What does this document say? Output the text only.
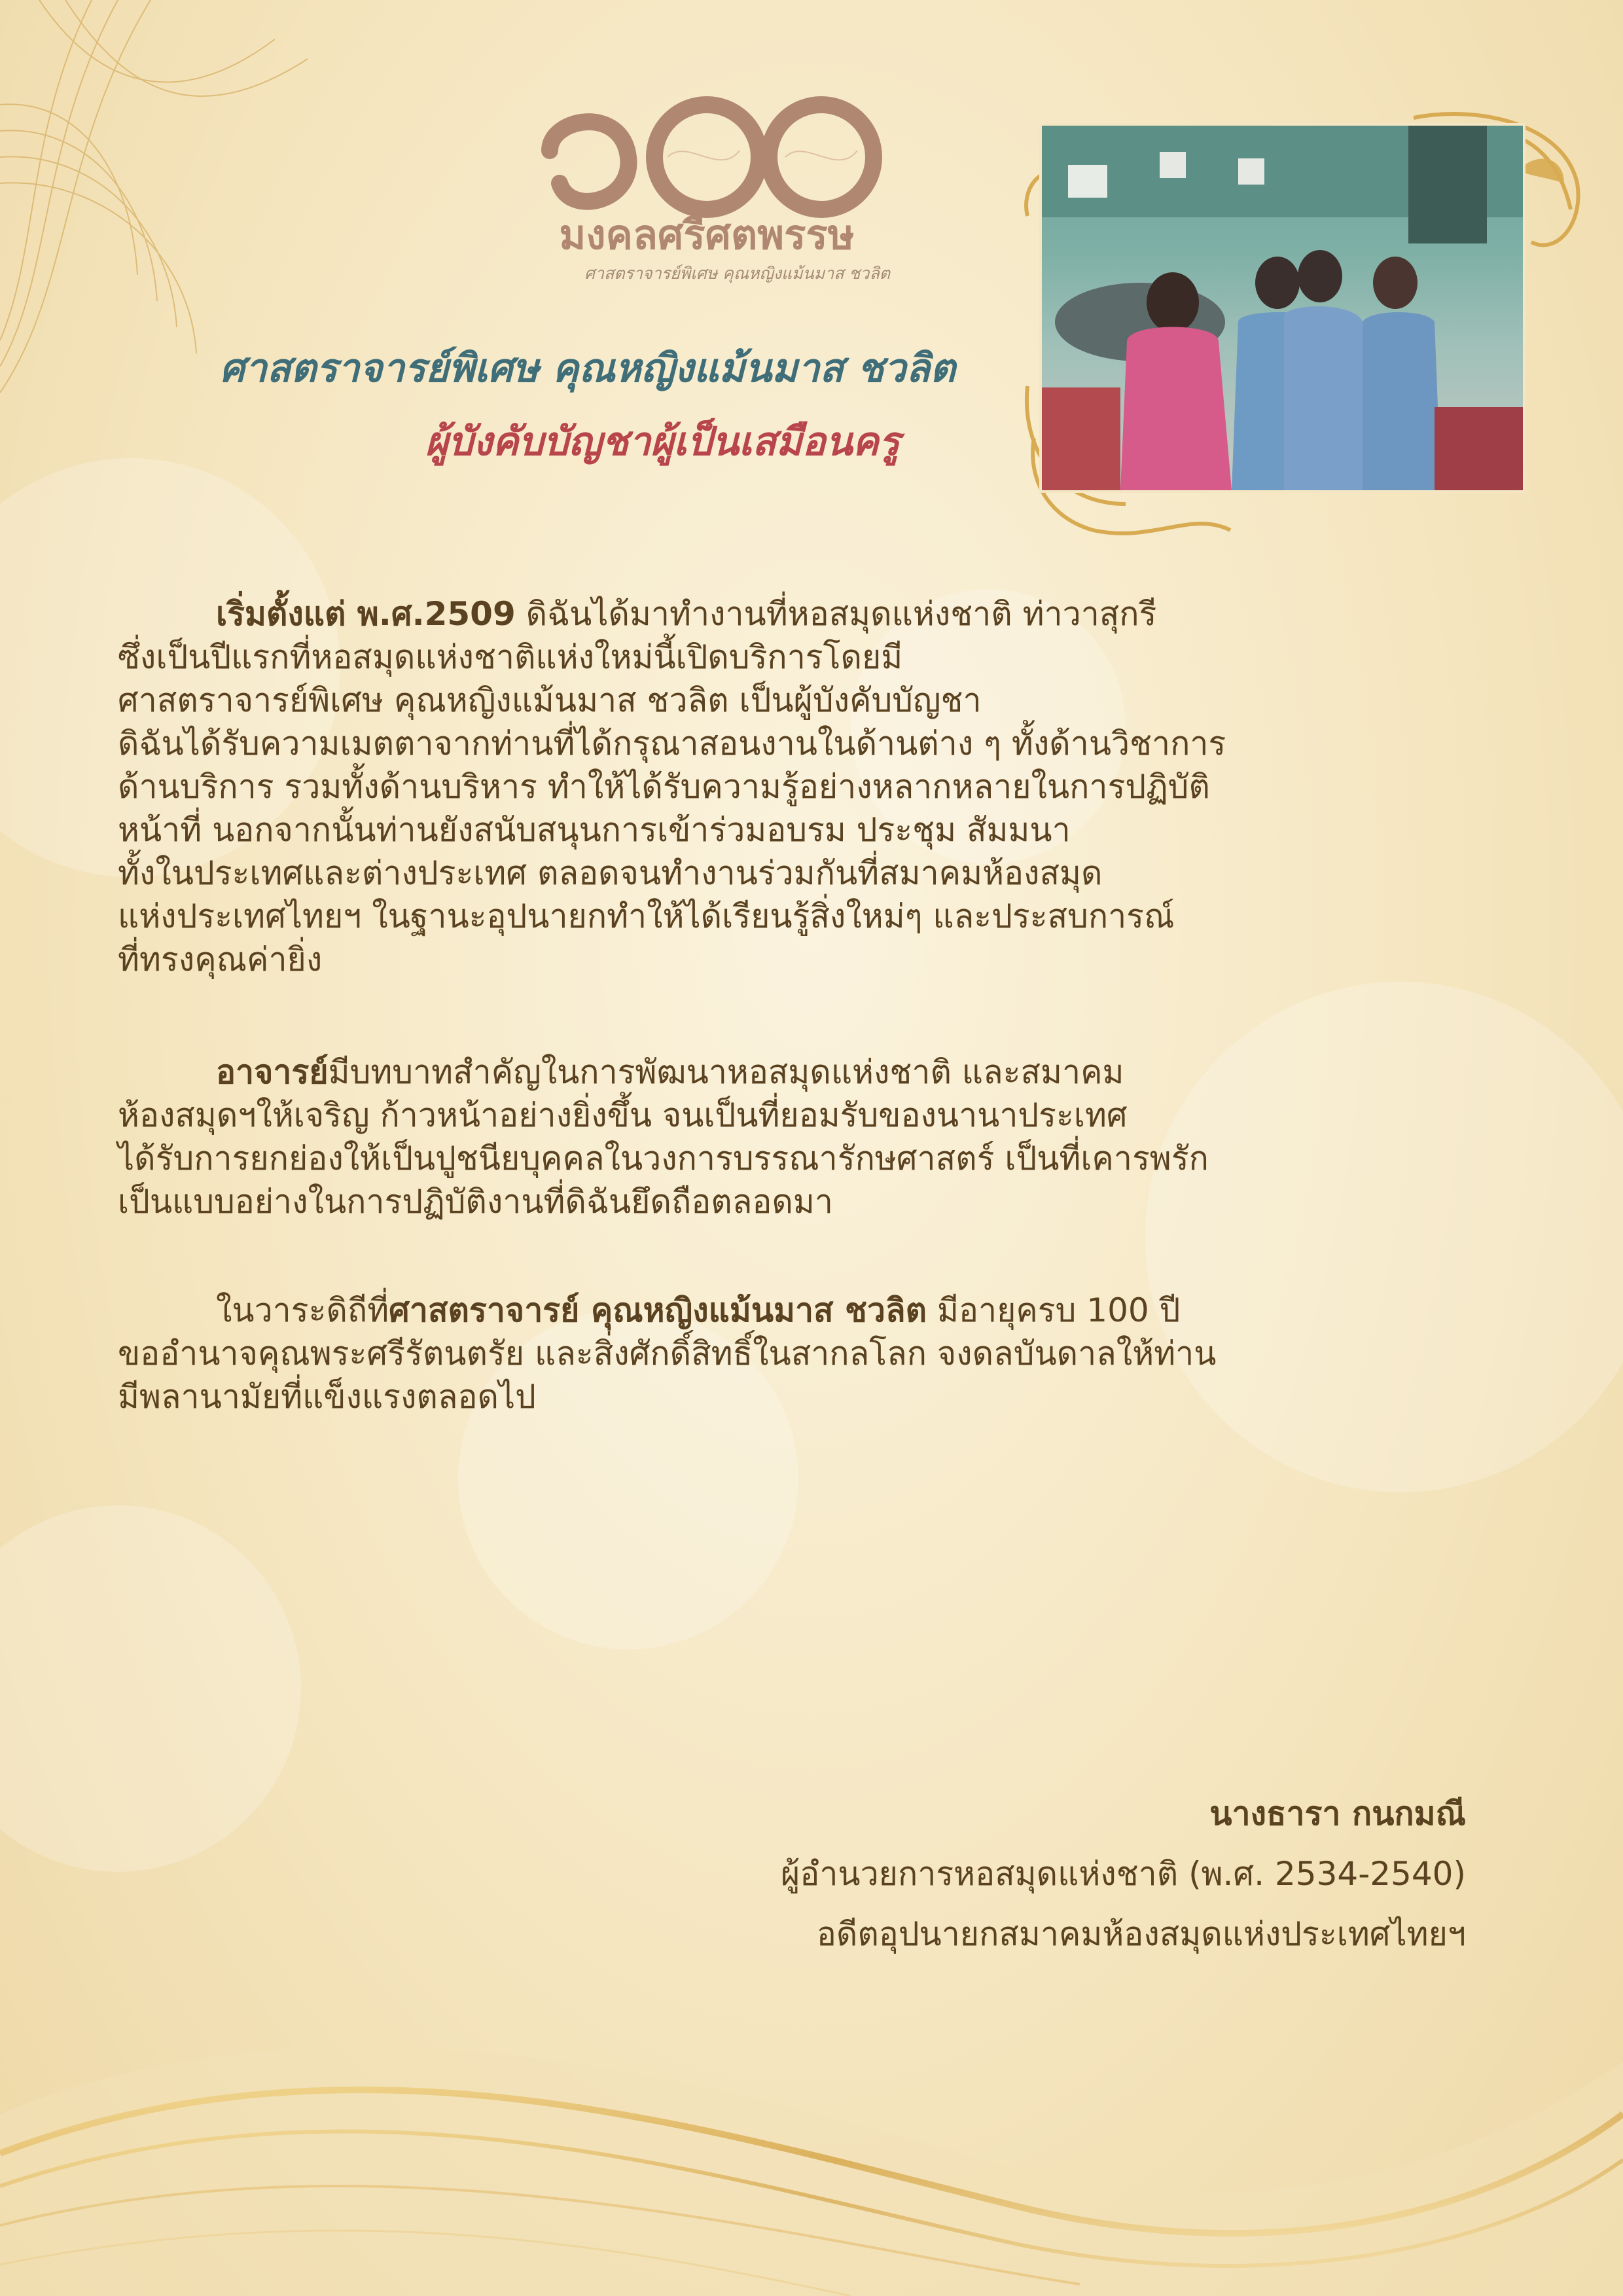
มงคลศรีศตพรรษ
ศาสตราจารย์พิเศษ คุณหญิงแม้นมาส ชวลิต
ศาสตราจารย์พิเศษ คุณหญิงแม้นมาส ชวลิต
ผู้บังคับบัญชาผู้เป็นเสมือนครู

เริ่มตั้งแต่ พ.ศ.2509 ดิฉันได้มาทำงานที่หอสมุดแห่งชาติ ท่าวาสุกรี
ซึ่งเป็นปีแรกที่หอสมุดแห่งชาติแห่งใหม่นี้เปิดบริการโดยมี
ศาสตราจารย์พิเศษ คุณหญิงแม้นมาส ชวลิต เป็นผู้บังคับบัญชา
ดิฉันได้รับความเมตตาจากท่านที่ได้กรุณาสอนงานในด้านต่าง ๆ ทั้งด้านวิชาการ
ด้านบริการ รวมทั้งด้านบริหาร ทำให้ได้รับความรู้อย่างหลากหลายในการปฏิบัติ
หน้าที่ นอกจากนั้นท่านยังสนับสนุนการเข้าร่วมอบรม ประชุม สัมมนา
ทั้งในประเทศและต่างประเทศ ตลอดจนทำงานร่วมกันที่สมาคมห้องสมุด
แห่งประเทศไทยฯ ในฐานะอุปนายกทำให้ได้เรียนรู้สิ่งใหม่ๆ และประสบการณ์
ที่ทรงคุณค่ายิ่ง

อาจารย์มีบทบาทสำคัญในการพัฒนาหอสมุดแห่งชาติ และสมาคม
ห้องสมุดฯให้เจริญ ก้าวหน้าอย่างยิ่งขึ้น จนเป็นที่ยอมรับของนานาประเทศ
ได้รับการยกย่องให้เป็นปูชนียบุคคลในวงการบรรณารักษศาสตร์ เป็นที่เคารพรัก
เป็นแบบอย่างในการปฏิบัติงานที่ดิฉันยึดถือตลอดมา

ในวาระดิถีที่ศาสตราจารย์ คุณหญิงแม้นมาส ชวลิต มีอายุครบ 100 ปี
ขออำนาจคุณพระศรีรัตนตรัย และสิ่งศักดิ์สิทธิ์ในสากลโลก จงดลบันดาลให้ท่าน
มีพลานามัยที่แข็งแรงตลอดไป

นางธารา กนกมณี
ผู้อำนวยการหอสมุดแห่งชาติ (พ.ศ. 2534-2540)
อดีตอุปนายกสมาคมห้องสมุดแห่งประเทศไทยฯ
